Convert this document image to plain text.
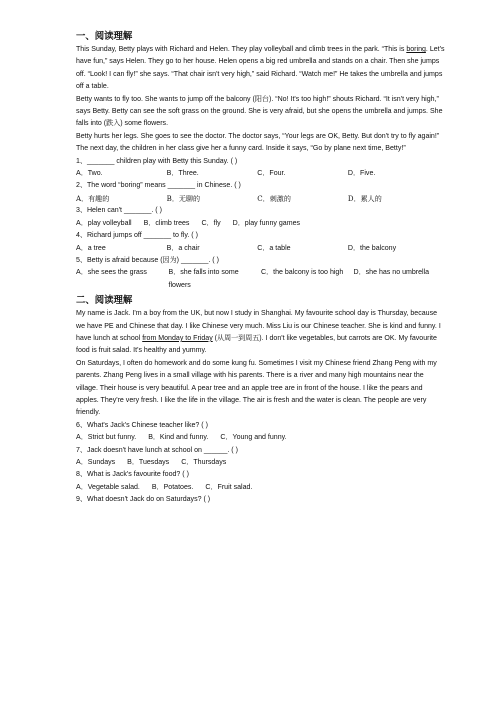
一、阅读理解

This Sunday, Betty plays with Richard and Helen. They play volleyball and climb trees in the park. “This is boring. Let's have fun,” says Helen. They go to her house. Helen opens a big red umbrella and stands on a chair. Then she jumps off. “Look! I can fly!” she says. “That chair isn't very high,” said Richard. “Watch me!” He takes the umbrella and jumps off a table.

Betty wants to fly too. She wants to jump off the balcony (阳台). “No! It's too high!” shouts Richard. “It isn't very high,” says Betty. Betty can see the soft grass on the ground. She is very afraid, but she opens the umbrella and jumps. She falls into (跌入) some flowers.

Betty hurts her legs. She goes to see the doctor. The doctor says, “Your legs are OK, Betty. But don't try to fly again!” The next day, the children in her class give her a funny card. Inside it says, “Go by plane next time, Betty!”

1、_______ children play with Betty this Sunday. ( )
A．Two.	B．Three.	C．Four.	D．Five.
2、The word “boring” means _______ in Chinese. ( )
A．有趣的	B．无聊的	C．刺激的	D．累人的
3、Helen can't _______. ( )
A．play volleyball B．climb trees C．fly D．play funny games
4、Richard jumps off _______ to fly. ( )
A．a tree	B．a chair	C．a table	D．the balcony
5、Betty is afraid because (因为) _______. ( )
A．she sees the grass	B．she falls into some flowers
C．the balcony is too high	D．she has no umbrella
二、阅读理解

My name is Jack. I'm a boy from the UK, but now I study in Shanghai. My favourite school day is Thursday, because we have PE and Chinese that day. I like Chinese very much. Miss Liu is our Chinese teacher. She is kind and funny. I have lunch at school from Monday to Friday (从周一到周五). I don't like vegetables, but carrots are OK. My favourite food is fruit salad. It's healthy and yummy.

On Saturdays, I often do homework and do some kung fu. Sometimes I visit my Chinese friend Zhang Peng with my parents. Zhang Peng lives in a small village with his parents. There is a river and many high mountains near the village. Their house is very beautiful. A pear tree and an apple tree are in front of the house. I like the pears and apples. They're very fresh. I like the life in the village. The air is fresh and the water is clean. The people are very friendly.

6、What's Jack's Chinese teacher like? ( )
A．Strict but funny. B．Kind and funny. C．Young and funny.
7、Jack doesn't have lunch at school on ______. ( )
A．Sundays B．Tuesdays C．Thursdays
8、What is Jack's favourite food? ( )
A．Vegetable salad. B．Potatoes. C．Fruit salad.
9、What doesn't Jack do on Saturdays? ( )
